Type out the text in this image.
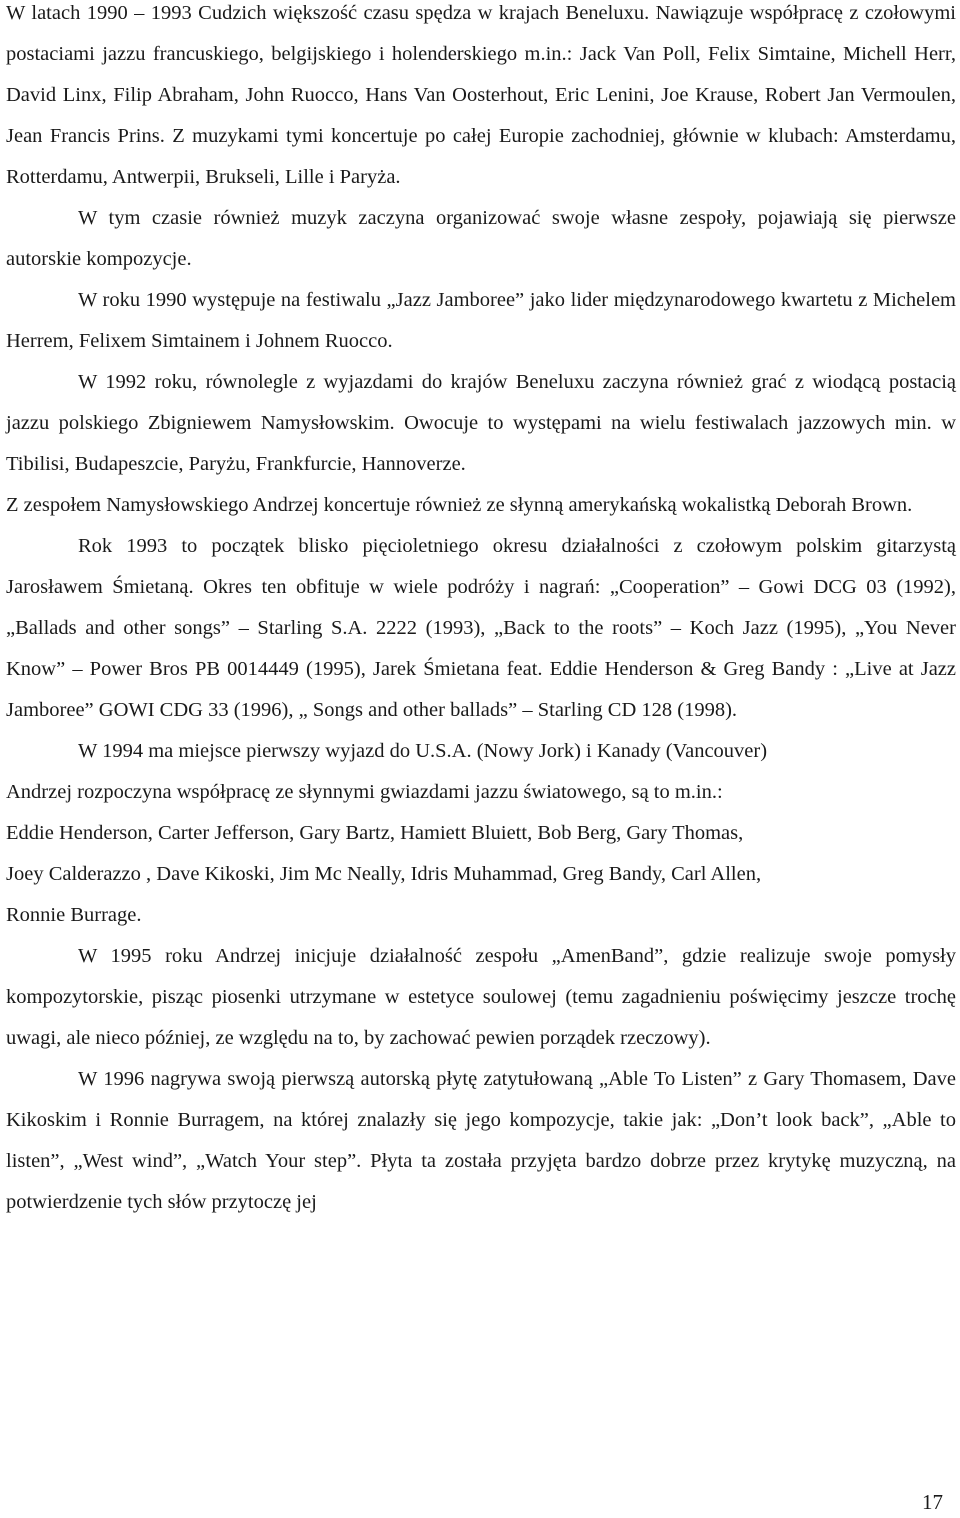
W latach 1990 – 1993 Cudzich większość czasu spędza w krajach Beneluxu. Nawiązuje współpracę z czołowymi postaciami jazzu francuskiego, belgijskiego i holenderskiego m.in.: Jack Van Poll, Felix Simtaine, Michell Herr, David Linx, Filip Abraham, John Ruocco, Hans Van Oosterhout, Eric Lenini, Joe Krause, Robert Jan Vermoulen, Jean Francis Prins. Z muzykami tymi koncertuje po całej Europie zachodniej, głównie w klubach: Amsterdamu, Rotterdamu, Antwerpii, Brukseli, Lille i Paryża.

W tym czasie również muzyk zaczyna organizować swoje własne zespoły, pojawiają się pierwsze autorskie kompozycje.

W roku 1990 występuje na festiwalu „Jazz Jamboree” jako lider międzynarodowego kwartetu z Michelem Herrem, Felixem Simtainem i Johnem Ruocco.

W 1992 roku, równolegle z wyjazdami do krajów Beneluxu zaczyna również grać z wiodącą postacią jazzu polskiego Zbigniewem Namysłowskim. Owocuje to występami na wielu festiwalach jazzowych min. w Tibilisi, Budapeszcie, Paryżu, Frankfurcie, Hannoverze.
Z zespołem Namysłowskiego Andrzej koncertuje również ze słynną amerykańską wokalistką Deborah Brown.

Rok 1993 to początek blisko pięcioletniego okresu działalności z czołowym polskim gitarzystą Jarosławem Śmietaną. Okres ten obfituje w wiele podróży i nagrań: „Cooperation” – Gowi DCG 03 (1992), „Ballads and other songs” – Starling S.A. 2222 (1993), „Back to the roots” – Koch Jazz (1995), „You Never Know” – Power Bros PB 0014449 (1995), Jarek Śmietana feat. Eddie Henderson & Greg Bandy : „Live at Jazz Jamboree” GOWI CDG 33 (1996), „ Songs and other ballads” – Starling CD 128 (1998).

W 1994 ma miejsce pierwszy wyjazd do U.S.A. (Nowy Jork) i Kanady (Vancouver)
Andrzej rozpoczyna współpracę ze słynnymi gwiazdami jazzu światowego, są to m.in.:
Eddie Henderson, Carter Jefferson, Gary Bartz, Hamiett Bluiett, Bob Berg, Gary Thomas,
Joey Calderazzo , Dave Kikoski, Jim Mc Neally, Idris Muhammad, Greg Bandy, Carl Allen,
Ronnie Burrage.

W 1995 roku Andrzej inicjuje działalność zespołu „AmenBand”, gdzie realizuje swoje pomysły kompozytorskie, pisząc piosenki utrzymane w estetyce soulowej (temu zagadnieniu poświęcimy jeszcze trochę uwagi, ale nieco później, ze względu na to, by zachować pewien porządek rzeczowy).

W 1996 nagrywa swoją pierwszą autorską płytę zatytułowaną „Able To Listen” z Gary Thomasem, Dave Kikoskim i Ronnie Burragem, na której znalazły się jego kompozycje, takie jak: „Don’t look back”, „Able to listen”, „West wind”, „Watch Your step”. Płyta ta została przyjęta bardzo dobrze przez krytykę muzyczną, na potwierdzenie tych słów przytoczę jej

17
